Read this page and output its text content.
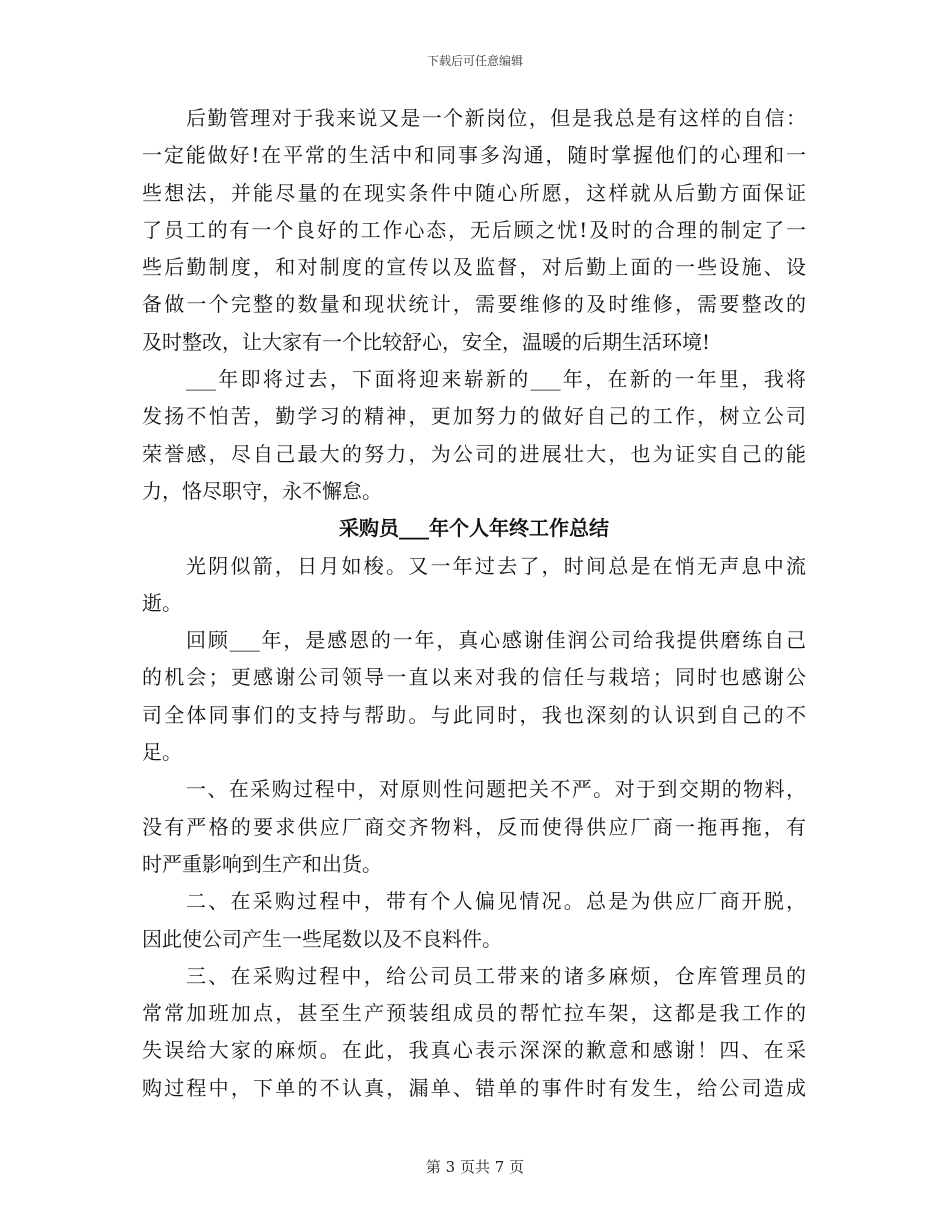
下载后可任意编辑
后勤管理对于我来说又是一个新岗位，但是我总是有这样的自信：
一定能做好!在平常的生活中和同事多沟通，随时掌握他们的心理和一
些想法，并能尽量的在现实条件中随心所愿，这样就从后勤方面保证
了员工的有一个良好的工作心态，无后顾之忧!及时的合理的制定了一
些后勤制度，和对制度的宣传以及监督，对后勤上面的一些设施、设
备做一个完整的数量和现状统计，需要维修的及时维修，需要整改的
及时整改，让大家有一个比较舒心，安全，温暖的后期生活环境!
___年即将过去，下面将迎来崭新的___年，在新的一年里，我将
发扬不怕苦，勤学习的精神，更加努力的做好自己的工作，树立公司
荣誉感，尽自己最大的努力，为公司的进展壮大，也为证实自己的能
力，恪尽职守，永不懈怠。
采购员___年个人年终工作总结
光阴似箭，日月如梭。又一年过去了，时间总是在悄无声息中流
逝。
回顾___年，是感恩的一年，真心感谢佳润公司给我提供磨练自己
的机会；更感谢公司领导一直以来对我的信任与栽培；同时也感谢公
司全体同事们的支持与帮助。与此同时，我也深刻的认识到自己的不
足。
一、在采购过程中，对原则性问题把关不严。对于到交期的物料，
没有严格的要求供应厂商交齐物料，反而使得供应厂商一拖再拖，有
时严重影响到生产和出货。
二、在采购过程中，带有个人偏见情况。总是为供应厂商开脱，
因此使公司产生一些尾数以及不良料件。
三、在采购过程中，给公司员工带来的诸多麻烦，仓库管理员的
常常加班加点，甚至生产预装组成员的帮忙拉车架，这都是我工作的
失误给大家的麻烦。在此，我真心表示深深的歉意和感谢！四、在采
购过程中，下单的不认真，漏单、错单的事件时有发生，给公司造成
第 3 页共 7 页
